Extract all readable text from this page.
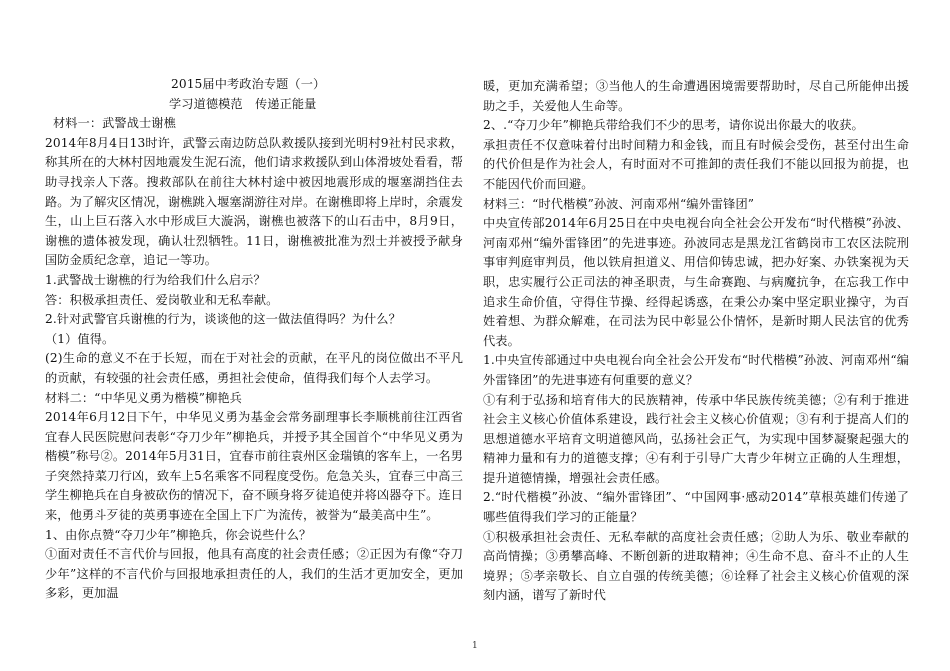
2015届中考政治专题（一）

学习道德模范　传递正能量

材料一：武警战士谢樵

2014年8月4日13时许，武警云南边防总队救援队接到光明村9社村民求救，称其所在的大林村因地震发生泥石流，他们请求救援队到山体滑坡处看看，帮助寻找亲人下落。搜救部队在前往大林村途中被因地震形成的堰塞湖挡住去路。为了解灾区情况，谢樵跳入堰塞湖游往对岸。在谢樵即将上岸时，余震发生，山上巨石落入水中形成巨大漩涡，谢樵也被落下的山石击中，8月9日，谢樵的遗体被发现，确认壮烈牺牲。11日，谢樵被批准为烈士并被授予献身国防金质纪念章，追记一等功。

1.武警战士谢樵的行为给我们什么启示？

答：积极承担责任、爱岗敬业和无私奉献。

2.针对武警官兵谢樵的行为，谈谈他的这一做法值得吗？为什么？

（1）值得。

(2)生命的意义不在于长短，而在于对社会的贡献，在平凡的岗位做出不平凡的贡献，有较强的社会责任感，勇担社会使命，值得我们每个人去学习。

材料二：“中华见义勇为楷模”柳艳兵

2014年6月12日下午，中华见义勇为基金会常务副理事长李顺桃前往江西省宜春人民医院慰问表彰“夺刀少年”柳艳兵，并授予其全国首个“中华见义勇为楷模”称号②。2014年5月31日，宜春市前往袁州区金瑞镇的客车上，一名男子突然持菜刀行凶，致车上5名乘客不同程度受伤。危急关头，宜春三中高三学生柳艳兵在自身被砍伤的情况下，奋不顾身将歹徒追使并将凶器夺下。连日来，他勇斗歹徒的英勇事迹在全国上下广为流传，被誉为“最美高中生”。

1、由你点赞“夺刀少年”柳艳兵，你会说些什么？

①面对责任不言代价与回报，他具有高度的社会责任感；②正因为有像“夺刀少年”这样的不言代价与回报地承担责任的人，我们的生活才更加安全，更加多彩，更加温

暖，更加充满希望；③当他人的生命遭遇困境需要帮助时，尽自己所能伸出援助之手，关爱他人生命等。

2、.“夺刀少年”柳艳兵带给我们不少的思考，请你说出你最大的收获。

承担责任不仅意味着付出时间精力和金钱，而且有时候会受伤，甚至付出生命的代价但是作为社会人，有时面对不可推卸的责任我们不能以回报为前提，也不能因代价而回避。

材料三：“时代楷模”孙波、河南邓州“编外雷锋团”

中央宣传部2014年6月25日在中央电视台向全社会公开发布“时代楷模”孙波、河南邓州“编外雷锋团”的先进事迹。孙波同志是黑龙江省鹤岗市工农区法院刑事审判庭审判员，他以铁肩担道义、用信仰铸忠诚，把办好案、办铁案视为天职，忠实履行公正司法的神圣职责，与生命赛跑、与病魔抗争，在忘我工作中追求生命价值，守得住节操、经得起诱惑，在秉公办案中坚定职业操守，为百姓着想、为群众解难，在司法为民中彰显公仆情怀，是新时期人民法官的优秀代表。

1.中央宣传部通过中央电视台向全社会公开发布“时代楷模”孙波、河南邓州“编外雷锋团”的先进事迹有何重要的意义？

①有利于弘扬和培育伟大的民族精神，传承中华民族传统美德；②有利于推进社会主义核心价值体系建设，践行社会主义核心价值观；③有利于提高人们的思想道德水平培育文明道德风尚，弘扬社会正气，为实现中国梦凝聚起强大的精神力量和有力的道德支撑；④有利于引导广大青少年树立正确的人生理想，提升道德情操，增强社会责任感。

2.“时代楷模”孙波、“编外雷锋团”、“中国网事·感动2014”草根英雄们传递了哪些值得我们学习的正能量？

①积极承担社会责任、无私奉献的高度社会责任感；②助人为乐、敬业奉献的高尚情操；③勇攀高峰、不断创新的进取精神；④生命不息、奋斗不止的人生境界；⑤孝亲敬长、自立自强的传统美德；⑥诠释了社会主义核心价值观的深刻内涵，谱写了新时代

1
